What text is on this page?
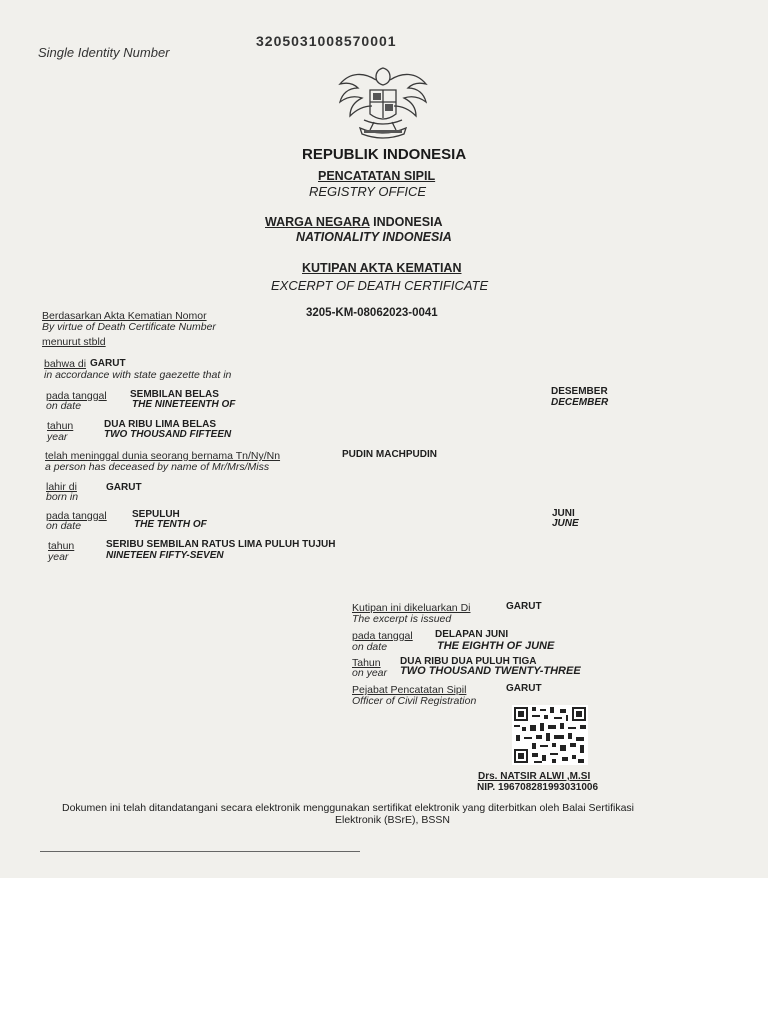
Single Identity Number
3205031008570001
REPUBLIK INDONESIA
PENCATATAN SIPIL
REGISTRY OFFICE
WARGA NEGARA INDONESIA
NATIONALITY INDONESIA
KUTIPAN AKTA KEMATIAN
EXCERPT OF DEATH CERTIFICATE
Berdasarkan Akta Kematian Nomor
By virtue of Death Certificate Number
3205-KM-08062023-0041
menurut stbld
bahwa di GARUT
in accordance with state gaezette that in
pada tanggal
on date
SEMBILAN BELAS
THE NINETEENTH OF
DESEMBER
DECEMBER
tahun
year
DUA RIBU LIMA BELAS
TWO THOUSAND FIFTEEN
telah meninggal dunia seorang bernama Tn/Ny/Nn
a person has deceased by name of Mr/Mrs/Miss
PUDIN MACHPUDIN
lahir di
born in
GARUT
pada tanggal
on date
SEPULUH
THE TENTH OF
JUNI
JUNE
tahun
year
SERIBU SEMBILAN RATUS LIMA PULUH TUJUH
NINETEEN FIFTY-SEVEN
Kutipan ini dikeluarkan Di
The excerpt is issued
GARUT
pada tanggal
on date
DELAPAN JUNI
THE EIGHTH OF JUNE
Tahun
on year
DUA RIBU DUA PULUH TIGA
TWO THOUSAND TWENTY-THREE
Pejabat Pencatatan Sipil
Officer of Civil Registration
GARUT
Drs. NATSIR ALWI ,M.SI
NIP. 196708281993031006
Dokumen ini telah ditandatangani secara elektronik menggunakan sertifikat elektronik yang diterbitkan oleh Balai Sertifikasi
Elektronik (BSrE), BSSN
